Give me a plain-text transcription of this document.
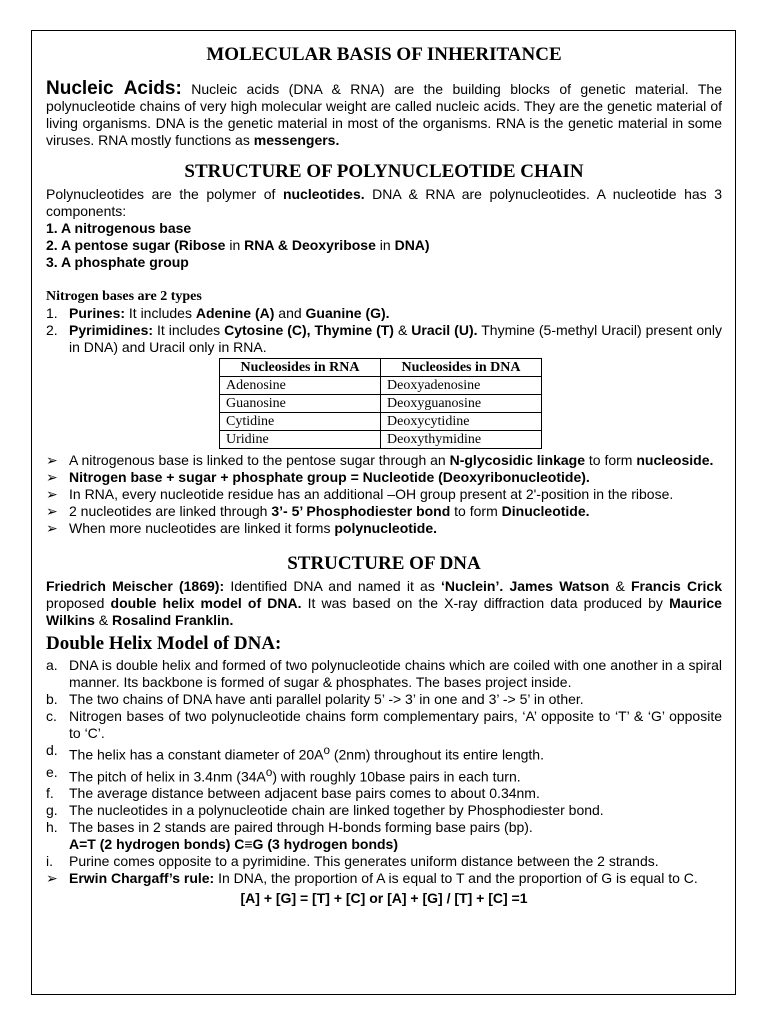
MOLECULAR BASIS OF INHERITANCE

Nucleic Acids: Nucleic acids (DNA & RNA) are the building blocks of genetic material. The polynucleotide chains of very high molecular weight are called nucleic acids. They are the genetic material of living organisms. DNA is the genetic material in most of the organisms. RNA is the genetic material in some viruses. RNA mostly functions as messengers.

STRUCTURE OF POLYNUCLEOTIDE CHAIN

Polynucleotides are the polymer of nucleotides. DNA & RNA are polynucleotides. A nucleotide has 3 components:

1. A nitrogenous base
2. A pentose sugar (Ribose in RNA & Deoxyribose in DNA)
3. A phosphate group
Nitrogen bases are 2 types
1. Purines: It includes Adenine (A) and Guanine (G).
2. Pyrimidines: It includes Cytosine (C), Thymine (T) & Uracil (U). Thymine (5-methyl Uracil) present only in DNA) and Uracil only in RNA.
Nucleosides in RNA	Nucleosides in DNA
Adenosine	Deoxyadenosine
Guanosine	Deoxyguanosine
Cytidine	Deoxycytidine
Uridine	Deoxythymidine
➢ A nitrogenous base is linked to the pentose sugar through an N-glycosidic linkage to form nucleoside.
➢ Nitrogen base + sugar + phosphate group = Nucleotide (Deoxyribonucleotide).
➢ In RNA, every nucleotide residue has an additional –OH group present at 2ʹ-position in the ribose.
➢ 2 nucleotides are linked through 3’- 5’ Phosphodiester bond to form Dinucleotide.
➢ When more nucleotides are linked it forms polynucleotide.
STRUCTURE OF DNA

Friedrich Meischer (1869): Identified DNA and named it as ‘Nuclein’. James Watson & Francis Crick proposed double helix model of DNA. It was based on the X-ray diffraction data produced by Maurice Wilkins & Rosalind Franklin.

Double Helix Model of DNA:
a. DNA is double helix and formed of two polynucleotide chains which are coiled with one another in a spiral manner. Its backbone is formed of sugar & phosphates. The bases project inside.
b. The two chains of DNA have anti parallel polarity 5’ -> 3’ in one and 3’ -> 5’ in other.
c. Nitrogen bases of two polynucleotide chains form complementary pairs, ‘A’ opposite to ‘T’ & ‘G’ opposite to ‘C’.
d. The helix has a constant diameter of $20A^o$ (2nm) throughout its entire length.
e. The pitch of helix in 3.4nm $(34A^o)$ with roughly 10base pairs in each turn.
f. The average distance between adjacent base pairs comes to about 0.34nm.
g. The nucleotides in a polynucleotide chain are linked together by Phosphodiester bond.
h. The bases in 2 stands are paired through H-bonds forming base pairs (bp).
A=T (2 hydrogen bonds) C≡G (3 hydrogen bonds)
i. Purine comes opposite to a pyrimidine. This generates uniform distance between the 2 strands.
➢ Erwin Chargaff’s rule: In DNA, the proportion of A is equal to T and the proportion of G is equal to C.
[A] + [G] = [T] + [C] or [A] + [G] / [T] + [C] =1
